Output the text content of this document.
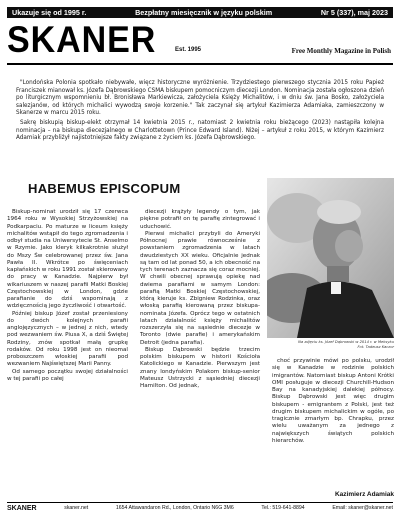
Ukazuje się od 1995 r.	Bezpłatny miesięcznik w języku polskim	Nr 5 (337), maj 2023
SKANER	Est. 1995	Free Monthly Magazine in Polish

"Londońska Polonia spotkało niebywałe, więcz historyczne wyróżnienie. Trzydziestego pierwszego stycznia 2015 roku Papież Franciszek mianował ks. Józefa Dąbrowskiego CSMA biskupem pomocniczym diecezji London. Nominacja została ogłoszona dzień po liturgicznym wspomnieniu bł. Bronisława Markiewicza, założyciela Księży Michalitów, i w dniu św. Jana Bosko, założyciela salezjanów, od których michalici wywodzą swoje korzenie." Tak zaczynał się artykuł Kazimierza Adamiaka, zamieszczony w Skanerze w marcu 2015 roku.

Sakrę biskupią biskup-elekt otrzymał 14 kwietnia 2015 r., natomiast 2 kwietnia roku bieżącego (2023) nastąpiła kolejna nominacja – na biskupa diecezjalnego w Charlottetown (Prince Edward Island). Niżej – artykuł z roku 2015, w którym Kazimierz Adamiak przybliżył najistotniejsze fakty związane z życiem ks. Józefa Dąbrowskiego.

HABEMUS EPISCOPUM

Biskup-nominat urodził się 17 czerwca 1964 roku w Wysokiej Strzyżowskiej na Podkarpaciu. Po maturze w liceum księży michalitów wstąpił do tego zgromadzenia i odbył studia na Uniwersytecie St. Anselmo w Rzymie. Jako kleryk kilkakrotnie służył do Mszy Św celebrowanej przez św. Jana Pawła II. Wkrótce po święceniach kapłańskich w roku 1991 został skierowany do pracy w Kanadzie. Najpierw był wikariuszem w naszej parafii Matki Boskiej Częstochowskiej w London, gdzie parafianie do dziś wspominają z wdzięcznością jego życzliwość i otwartość.

Później biskup Józef został przeniesiony do dwóch kolejnych parafii anglojęzycznych – w jednej z nich, wtedy pod wezwaniem św. Piusa X, a dziś Świętej Rodziny, znów spotkał małą grupkę rodaków. Od roku 1998 jest on nieomal proboszczem włoskiej parafii pod wezwaniem Najświętszej Marii Panny.

Od samego początku swojej działalności w tej parafii po całej

diecezji krążyły legendy o tym, jak piękne potrafił on tę parafię zintegrować i uduchowić.

Pierwsi michalici przybyli do Ameryki Północnej prawie równocześnie z powstaniem zgromadzenia w latach dwudziestych XX wieku. Oficjalnie jednak są tam od lat ponad 50, a ich obecność na tych terenach zaznacza się coraz mocniej. W chwili obecnej sprawują opiekę nad dwiema parafiami w samym London: parafią Matki Boskiej Częstochowskiej, którą kieruje ks. Zbigniew Rodzinka, oraz włoską parafią kierowaną przez biskupa-nominata Józefa. Oprócz tego w ostatnich latach działalność księży michalitów rozszerzyła się na sąsiednie diecezje w Toronto (dwie parafie) i amerykańskim Detroit (jedna parafia).

Biskup Dąbrowski będzie trzecim polskim biskupem w historii Kościoła Katolickiego w Kanadzie. Pierwszym jest znany londyńskim Polakom biskup-senior Mateusz Ustrzycki z sąsiedniej diecezji Hamilton. Od jednak,

Na zdjęciu ks. Józef Dąbrowski w 2014 r. w Meksyku
Fot. Tadeusz Kaczor

choć przywinie mówi po polsku, urodził się w Kanadzie w rodzinie polskich imigrantów. Natomiast biskup Antoni Krótki OMI posługuje w diecezji Churchill-Hudson Bay na kanadyjskiej dalekiej północy. Biskup Dąbrowski jest więc drugim biskupem - emigrantem z Polski, jest też drugim biskupem michalickim w ogóle, po tragicznie zmarłym bp. Chrapku, przez wielu uważanym za jednego z największych świątych polskich hierarchów.

Kazimierz Adamiak
SKANER	skaner.net	1654 Attawandaron Rd., London, Ontario N6G 3M6	Tel.: 519-641-8894	Email: skaner@skaner.net
